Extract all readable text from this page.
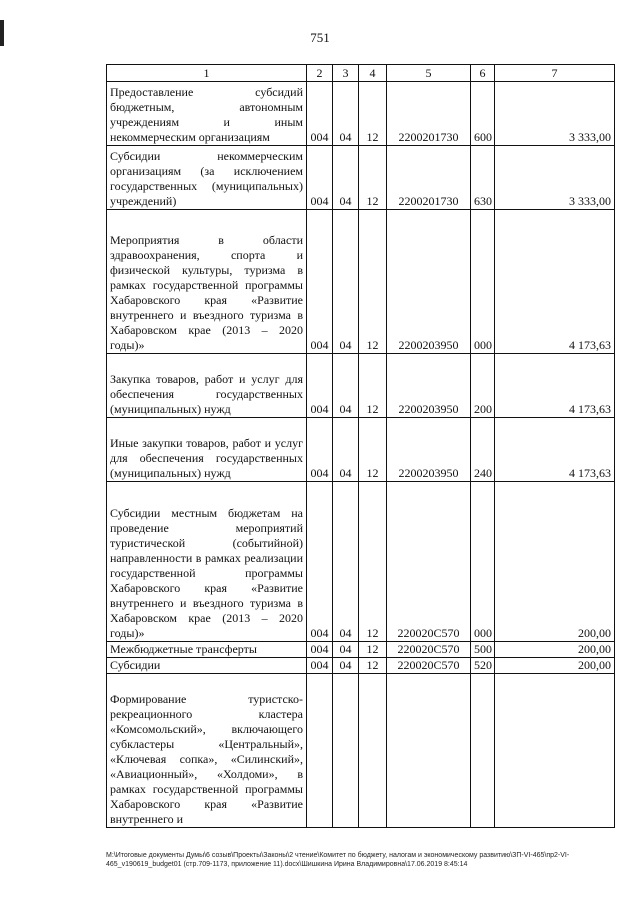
751
1	2	3	4	5	6	7
Предоставление субсидий бюджетным, автономным учреждениям и иным некоммерческим организациям	004	04	12	2200201730	600	3 333,00
Субсидии некоммерческим организациям (за исключением государственных (муниципальных) учреждений)	004	04	12	2200201730	630	3 333,00
Мероприятия в области здравоохранения, спорта и физической культуры, туризма в рамках государственной программы Хабаровского края «Развитие внутреннего и въездного туризма в Хабаровском крае (2013 – 2020 годы)»	004	04	12	2200203950	000	4 173,63
Закупка товаров, работ и услуг для обеспечения государственных (муниципальных) нужд	004	04	12	2200203950	200	4 173,63
Иные закупки товаров, работ и услуг для обеспечения государственных (муниципальных) нужд	004	04	12	2200203950	240	4 173,63
Субсидии местным бюджетам на проведение мероприятий туристической (событийной) направленности в рамках реализации государственной программы Хабаровского края «Развитие внутреннего и въездного туризма в Хабаровском крае (2013 – 2020 годы)»	004	04	12	220020C570	000	200,00
Межбюджетные трансферты	004	04	12	220020C570	500	200,00
Субсидии	004	04	12	220020C570	520	200,00
Формирование туристско-рекреационного кластера «Комсомольский», включающего субкластеры «Центральный», «Ключевая сопка», «Силинский», «Авиационный», «Холдоми», в рамках государственной программы Хабаровского края «Развитие внутреннего и						
M:\Итоговые документы Думы\6 созыв\Проекты\Законы\2 чтение\Комитет по бюджету, налогам и экономическому развитию\ЗП-VI-465\пр2-VI-465_v190619_budget01 (стр.709-1173, приложение 11).docx\Шишкина Ирина Владимировна\17.06.2019 8:45:14
